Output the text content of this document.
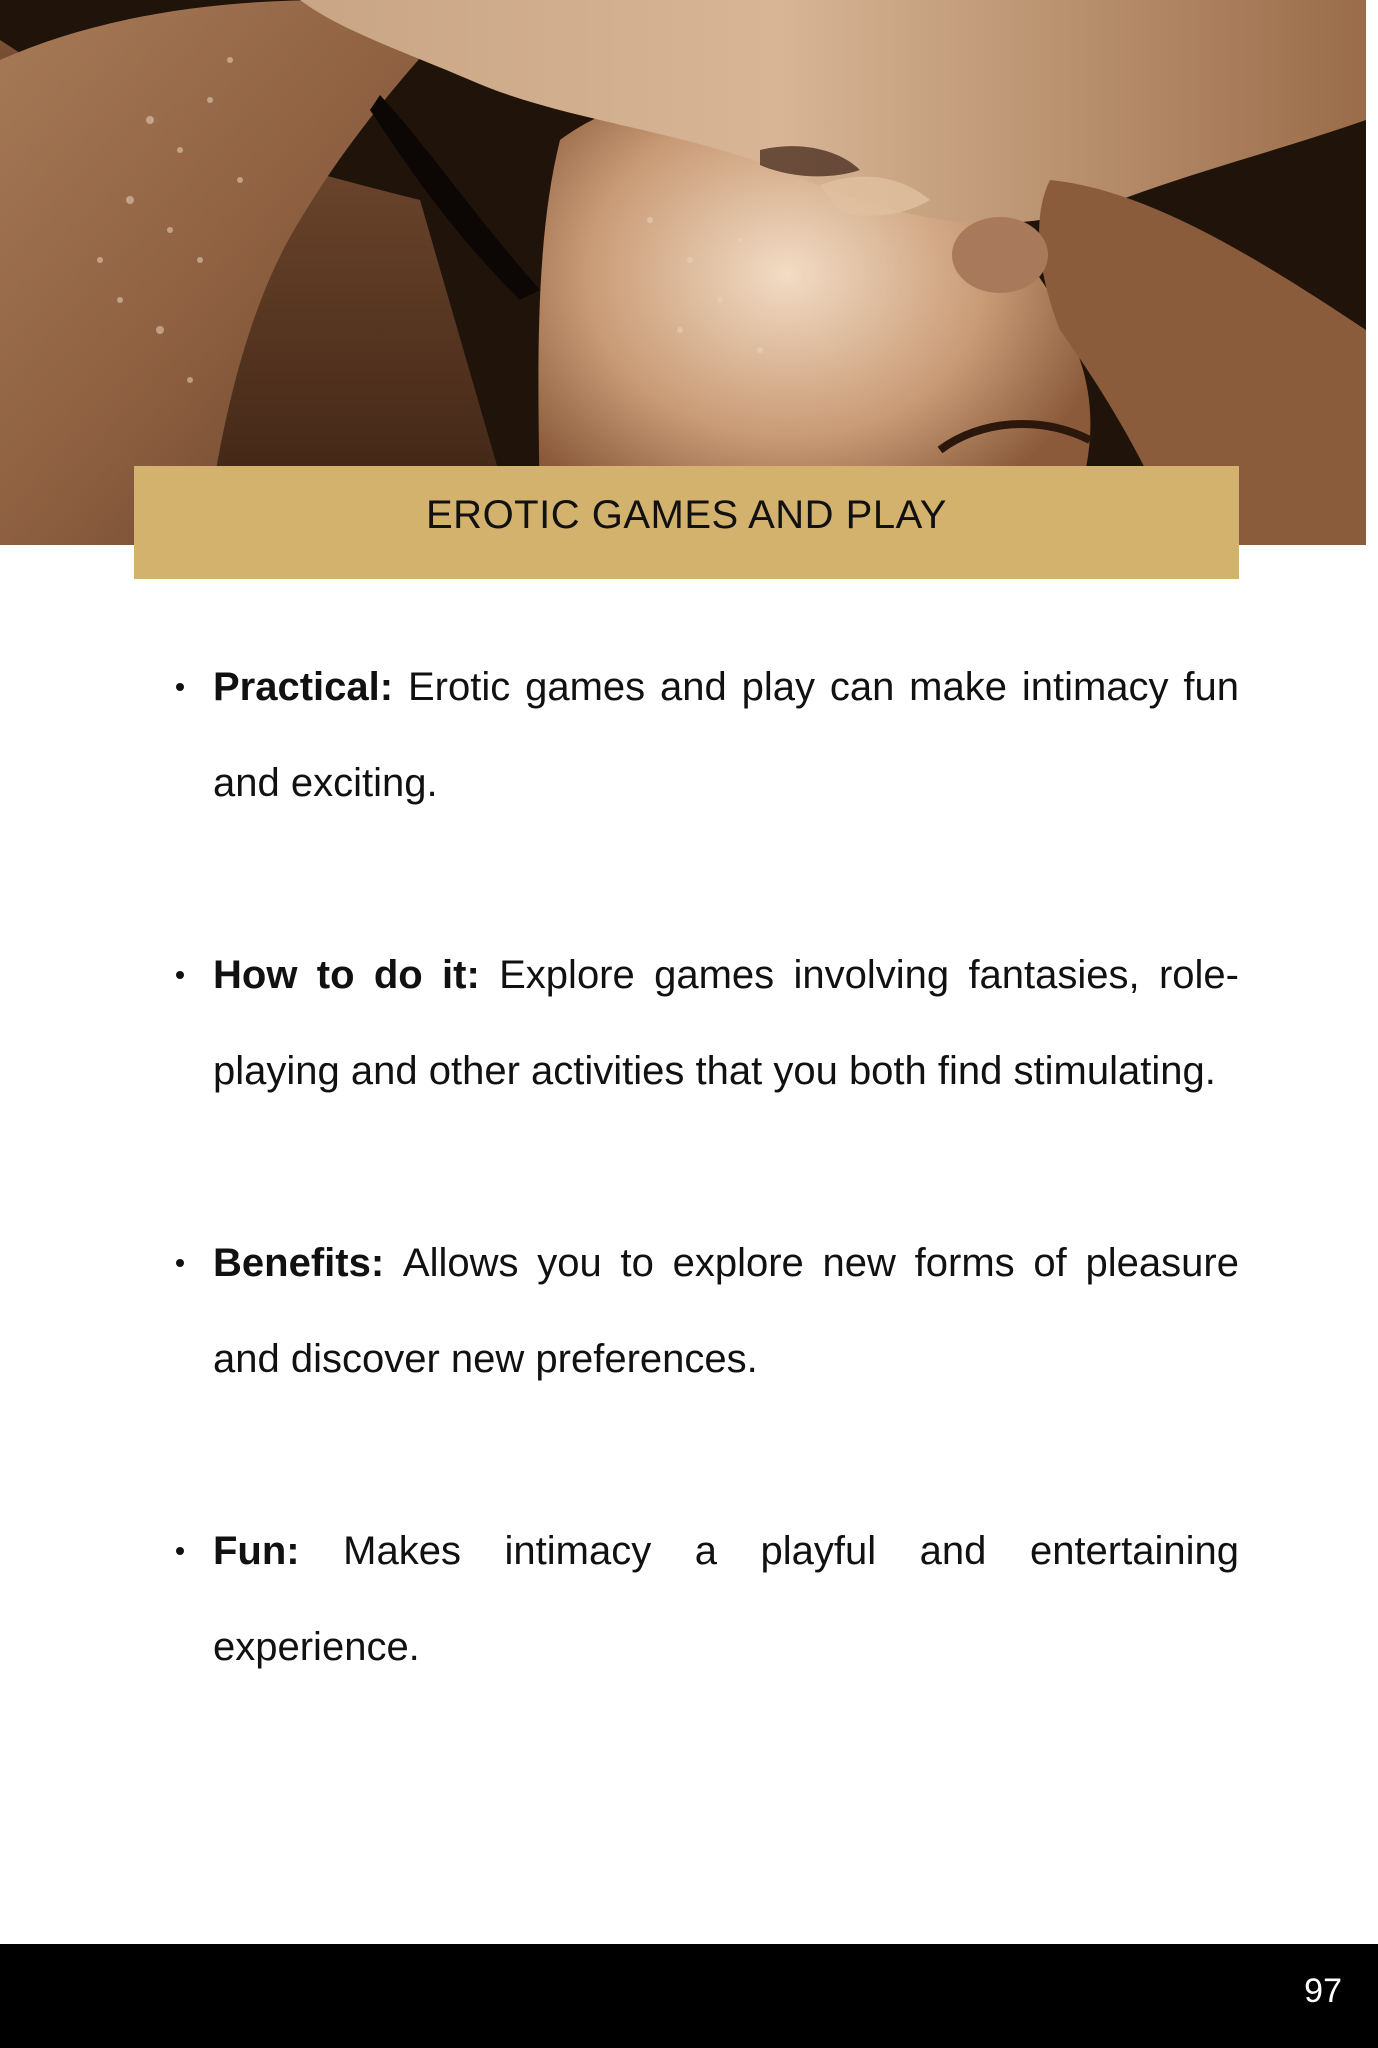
EROTIC GAMES AND PLAY
Practical: Erotic games and play can make intimacy fun and exciting.
How to do it: Explore games involving fantasies, role-playing and other activities that you both find stimulating.
Benefits: Allows you to explore new forms of pleasure and discover new preferences.
Fun: Makes intimacy a playful and entertaining experience.
97
